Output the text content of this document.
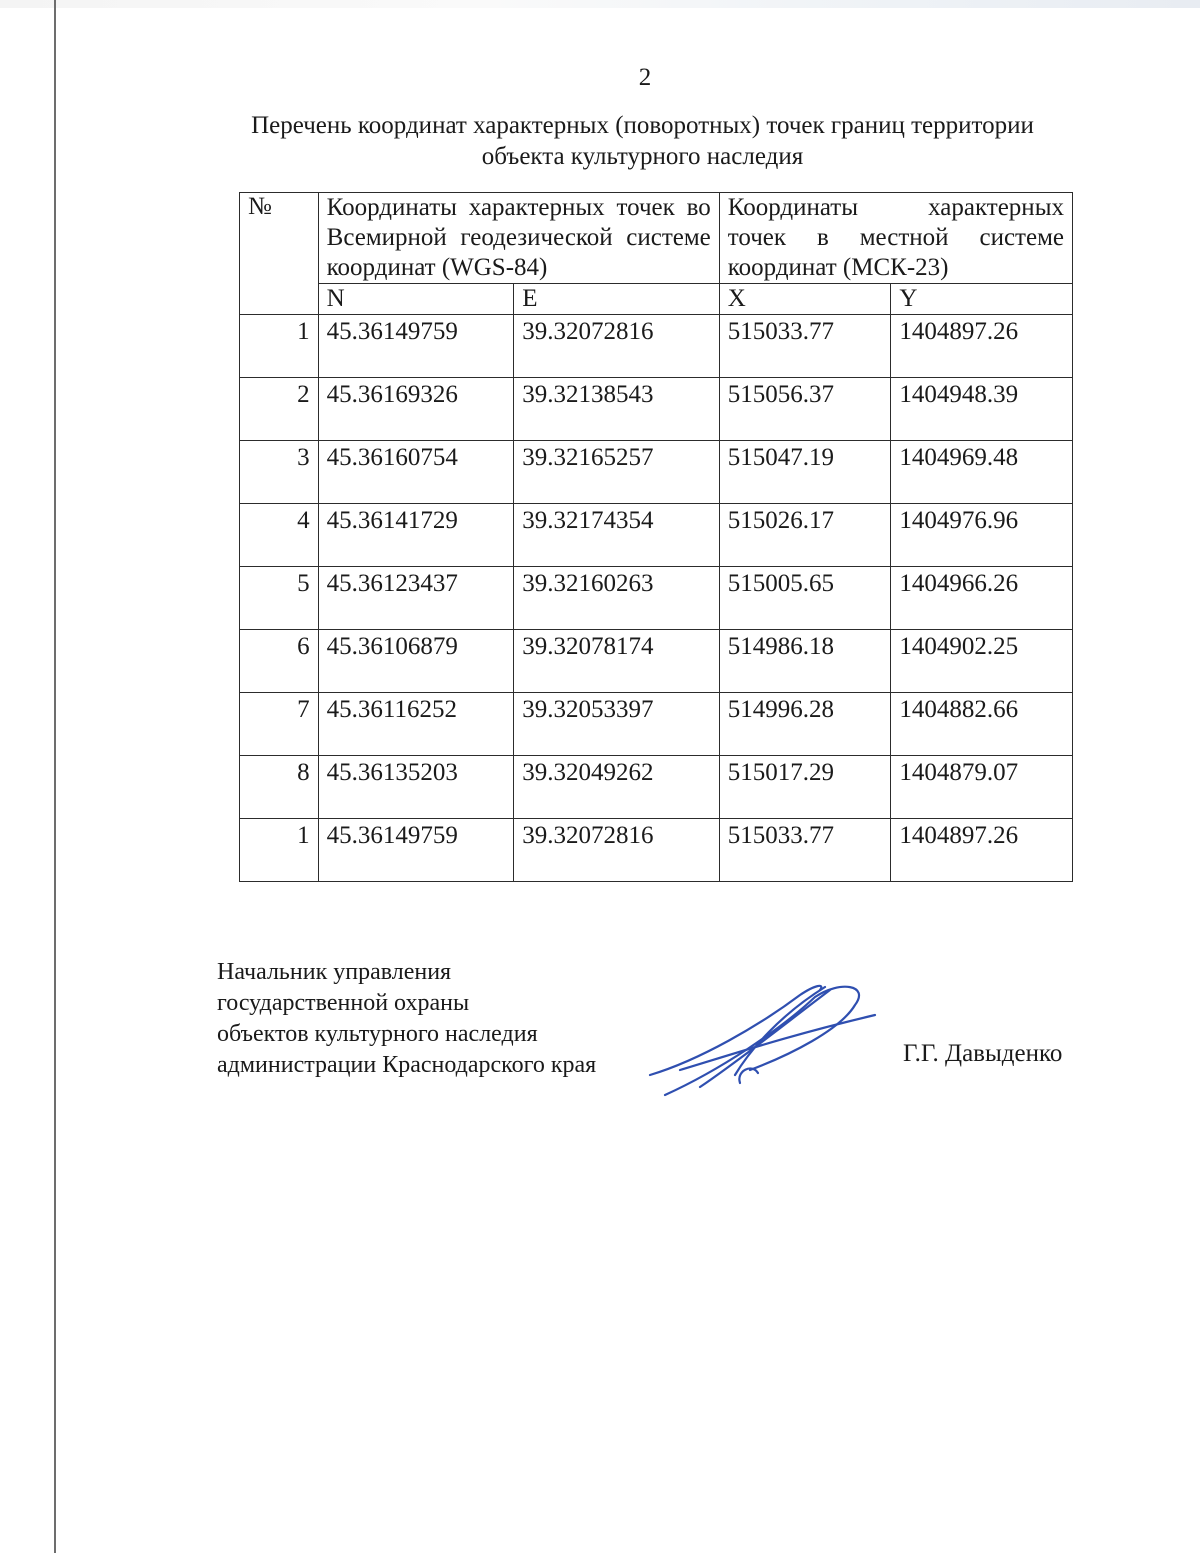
2
Перечень координат характерных (поворотных) точек границ территории
объекта культурного наследия
№	Координаты характерных точек во Всемирной геодезической системе координат (WGS-84)		Координаты характерных точек в местной системе координат (МСК-23)	
	N	E	X	Y
1	45.36149759	39.32072816	515033.77	1404897.26
2	45.36169326	39.32138543	515056.37	1404948.39
3	45.36160754	39.32165257	515047.19	1404969.48
4	45.36141729	39.32174354	515026.17	1404976.96
5	45.36123437	39.32160263	515005.65	1404966.26
6	45.36106879	39.32078174	514986.18	1404902.25
7	45.36116252	39.32053397	514996.28	1404882.66
8	45.36135203	39.32049262	515017.29	1404879.07
1	45.36149759	39.32072816	515033.77	1404897.26
Начальник управления
государственной охраны
объектов культурного наследия
администрации Краснодарского края	Г.Г. Давыденко
